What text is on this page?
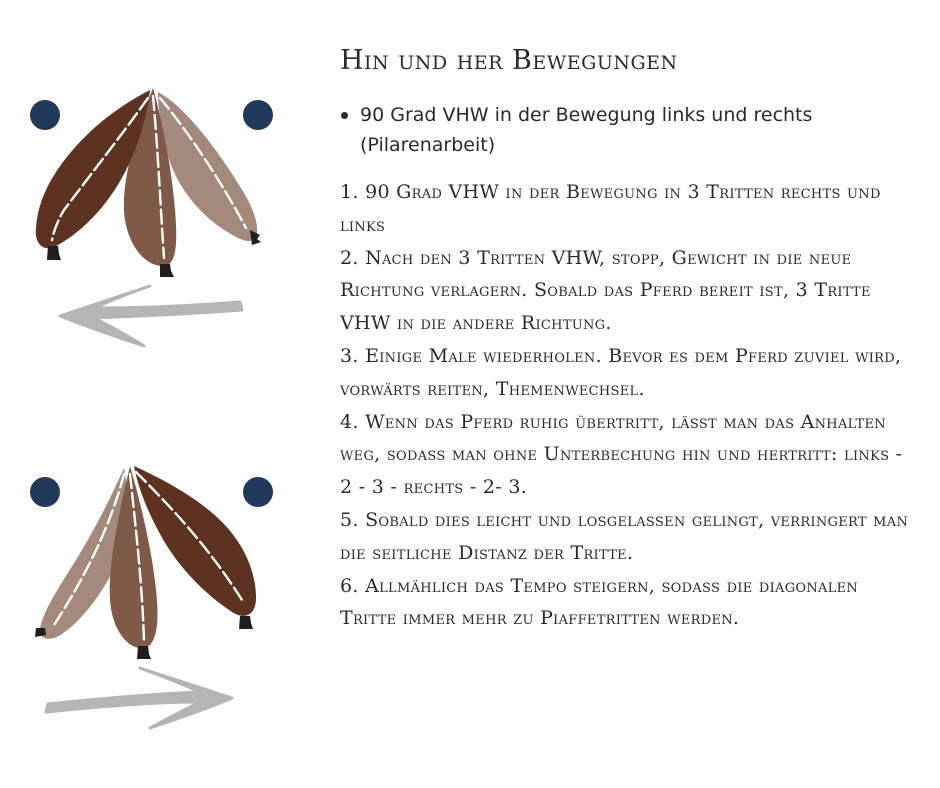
Hin und her Bewegungen
90 Grad VHW in der Bewegung links und rechts (Pilarenarbeit)
1. 90 Grad VHW in der Bewegung in 3 Tritten rechts und links
2. Nach den 3 Tritten VHW, stopp, Gewicht in die neue Richtung verlagern. Sobald das Pferd bereit ist, 3 Tritte VHW in die andere Richtung.
3. Einige Male wiederholen. Bevor es dem Pferd zuviel wird, vorwärts reiten, Themenwechsel.
4. Wenn das Pferd ruhig übertritt, lässt man das Anhalten weg, sodass man ohne Unterbechung hin und hertritt: links - 2 - 3 - rechts - 2- 3.
5. Sobald dies leicht und losgelassen gelingt, verringert man die seitliche Distanz der Tritte.
6. Allmählich das Tempo steigern, sodass die diagonalen Tritte immer mehr zu Piaffetritten werden.
